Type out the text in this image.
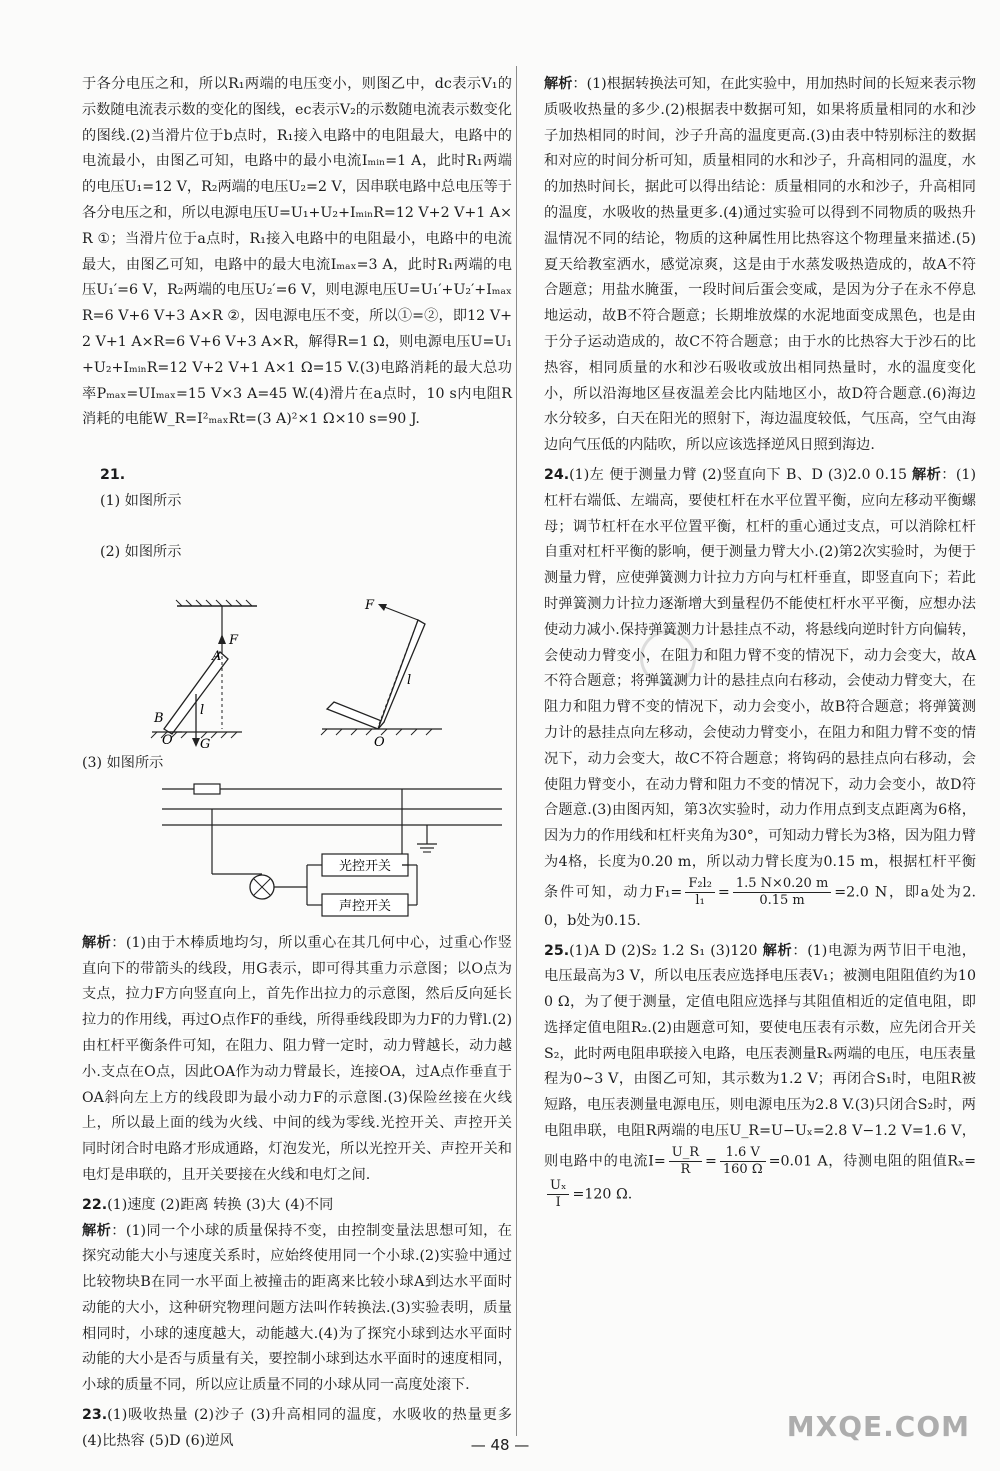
于各分电压之和，所以R₁两端的电压变小，则图乙中，dc表示V₁的示数随电流表示数的变化的图线，ec表示V₂的示数随电流表示数变化的图线.(2)当滑片位于b点时，R₁接入电路中的电阻最大，电路中的电流最小，由图乙可知，电路中的最小电流Iₘᵢₙ=1 A，此时R₁两端的电压U₁=12 V，R₂两端的电压U₂=2 V，因串联电路中总电压等于各分电压之和，所以电源电压U=U₁+U₂+IₘᵢₙR=12 V+2 V+1 A×R ①；当滑片位于a点时，R₁接入电路中的电阻最小，电路中的电流最大，由图乙可知，电路中的最大电流Iₘₐₓ=3 A，此时R₁两端的电压U₁′=6 V，R₂两端的电压U₂′=6 V，则电源电压U=U₁′+U₂′+IₘₐₓR=6 V+6 V+3 A×R ②，因电源电压不变，所以①=②，即12 V+2 V+1 A×R=6 V+6 V+3 A×R，解得R=1 Ω，则电源电压U=U₁+U₂+IₘᵢₙR=12 V+2 V+1 A×1 Ω=15 V.(3)电路消耗的最大总功率Pₘₐₓ=UIₘₐₓ=15 V×3 A=45 W.(4)滑片在a点时，10 s内电阻R消耗的电能W_R=I²ₘₐₓRt=(3 A)²×1 Ω×10 s=90 J.

21.
(1) 如图所示

(2) 如图所示

A
F
B
O
l
G
F
l
O
(3) 如图所示
光控开关
声控开关

解析：(1)由于木棒质地均匀，所以重心在其几何中心，过重心作竖直向下的带箭头的线段，用G表示，即可得其重力示意图；以O点为支点，拉力F方向竖直向上，首先作出拉力的示意图，然后反向延长拉力的作用线，再过O点作F的垂线，所得垂线段即为力F的力臂l.(2)由杠杆平衡条件可知，在阻力、阻力臂一定时，动力臂越长，动力越小.支点在O点，因此OA作为动力臂最长，连接OA，过A点作垂直于OA斜向左上方的线段即为最小动力F的示意图.(3)保险丝接在火线上，所以最上面的线为火线、中间的线为零线.光控开关、声控开关同时闭合时电路才形成通路，灯泡发光，所以光控开关、声控开关和电灯是串联的，且开关要接在火线和电灯之间.

22.(1)速度 (2)距离 转换 (3)大 (4)不同

解析：(1)同一个小球的质量保持不变，由控制变量法思想可知，在探究动能大小与速度关系时，应始终使用同一个小球.(2)实验中通过比较物块B在同一水平面上被撞击的距离来比较小球A到达水平面时动能的大小，这种研究物理问题方法叫作转换法.(3)实验表明，质量相同时，小球的速度越大，动能越大.(4)为了探究小球到达水平面时动能的大小是否与质量有关，要控制小球到达水平面时的速度相同，小球的质量不同，所以应让质量不同的小球从同一高度处滚下.

23.(1)吸收热量 (2)沙子 (3)升高相同的温度，水吸收的热量更多 (4)比热容 (5)D (6)逆风

解析：(1)根据转换法可知，在此实验中，用加热时间的长短来表示物质吸收热量的多少.(2)根据表中数据可知，如果将质量相同的水和沙子加热相同的时间，沙子升高的温度更高.(3)由表中特别标注的数据和对应的时间分析可知，质量相同的水和沙子，升高相同的温度，水的加热时间长，据此可以得出结论：质量相同的水和沙子，升高相同的温度，水吸收的热量更多.(4)通过实验可以得到不同物质的吸热升温情况不同的结论，物质的这种属性用比热容这个物理量来描述.(5)夏天给教室洒水，感觉凉爽，这是由于水蒸发吸热造成的，故A不符合题意；用盐水腌蛋，一段时间后蛋会变咸，是因为分子在永不停息地运动，故B不符合题意；长期堆放煤的水泥地面变成黑色，也是由于分子运动造成的，故C不符合题意；由于水的比热容大于沙石的比热容，相同质量的水和沙石吸收或放出相同热量时，水的温度变化小，所以沿海地区昼夜温差会比内陆地区小，故D符合题意.(6)海边水分较多，白天在阳光的照射下，海边温度较低，气压高，空气由海边向气压低的内陆吹，所以应该选择逆风日照到海边.

24.(1)左 便于测量力臂 (2)竖直向下 B、D (3)2.0 0.15 解析：(1)杠杆右端低、左端高，要使杠杆在水平位置平衡，应向左移动平衡螺母；调节杠杆在水平位置平衡，杠杆的重心通过支点，可以消除杠杆自重对杠杆平衡的影响，便于测量力臂大小.(2)第2次实验时，为便于测量力臂，应使弹簧测力计拉力方向与杠杆垂直，即竖直向下；若此时弹簧测力计拉力逐渐增大到量程仍不能使杠杆水平平衡，应想办法使动力减小.保持弹簧测力计悬挂点不动，将悬线向逆时针方向偏转，会使动力臂变小，在阻力和阻力臂不变的情况下，动力会变大，故A不符合题意；将弹簧测力计的悬挂点向右移动，会使动力臂变大，在阻力和阻力臂不变的情况下，动力会变小，故B符合题意；将弹簧测力计的悬挂点向左移动，会使动力臂变小，在阻力和阻力臂不变的情况下，动力会变大，故C不符合题意；将钩码的悬挂点向右移动，会使阻力臂变小，在动力臂和阻力不变的情况下，动力会变小，故D符合题意.(3)由图丙知，第3次实验时，动力作用点到支点距离为6格，因为力的作用线和杠杆夹角为30°，可知动力臂长为3格，因为阻力臂为4格，长度为0.20 m，所以动力臂长度为0.15 m，根据杠杆平衡条件可知，动力$F_1= \frac{\text{F₂l₂}}{\text{l₁}} = \frac{1.5 N\times 0.20 m}{0.15 m} =2.0$ N，即a处为2.0，b处为0.15.

25.(1)A D (2)S₂ 1.2 S₁ (3)120 解析：(1)电源为两节旧干电池，电压最高为3 V，所以电压表应选择电压表V₁；被测电阻阻值约为100 Ω，为了便于测量，定值电阻应选择与其阻值相近的定值电阻，即选择定值电阻R₂.(2)由题意可知，要使电压表有示数，应先闭合开关S₂，此时两电阻串联接入电路，电压表测量Rₓ两端的电压，电压表量程为0~3 V，由图乙可知，其示数为1.2 V；再闭合S₁时，电阻R被短路，电压表测量电源电压，则电源电压为2.8 V.(3)只闭合S₂时，两电阻串联，电阻R两端的电压U_R=U−Uₓ=2.8 V−1.2 V=1.6 V，则电路中的电流$I= \frac{U\_R}{R} = \frac{1.6 V}{160 \Omega} =0.01$ A，待测电阻的阻值Rₓ=
$\frac{\text{Uₓ}}{I} =120$ Ω.

— 48 —
MXQE.COM
